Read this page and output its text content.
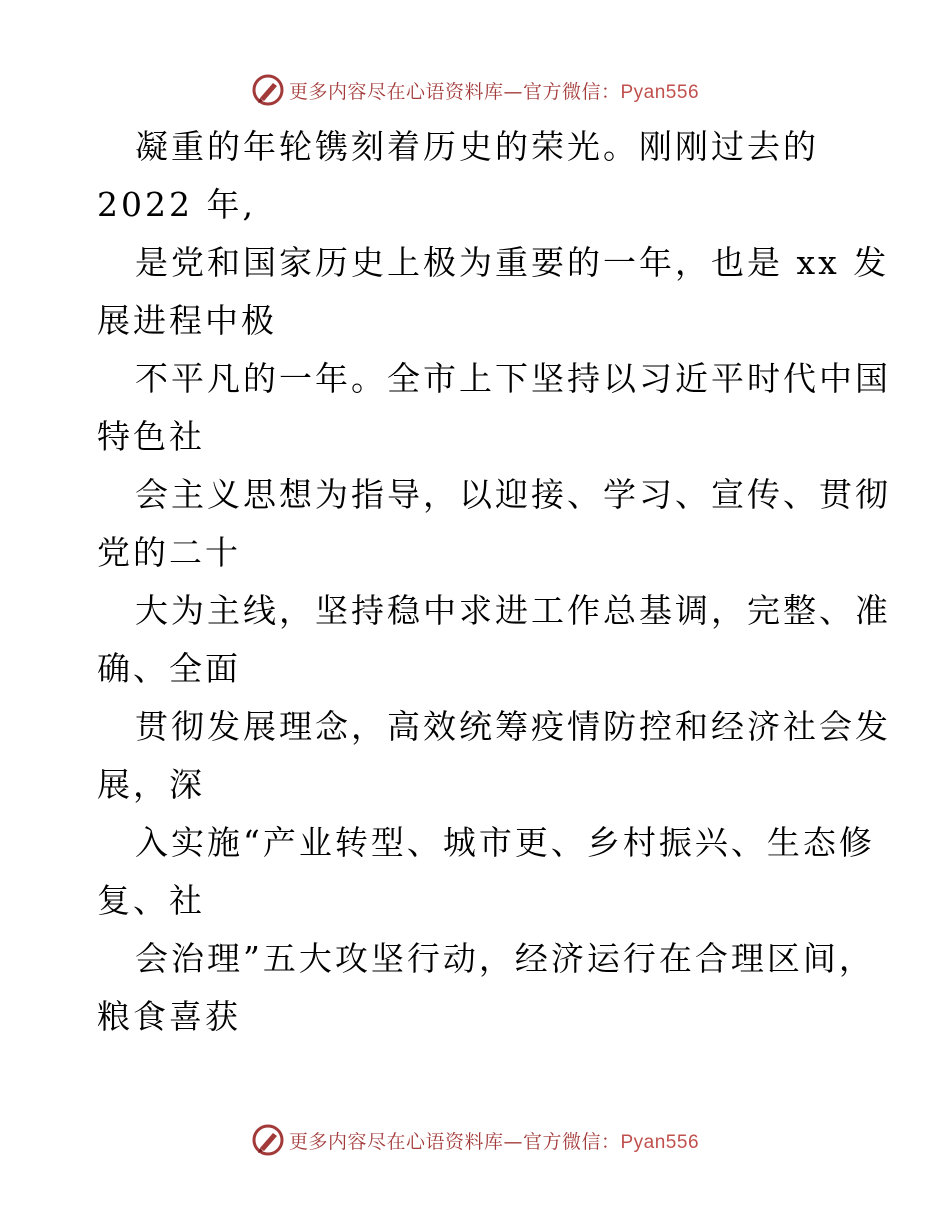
更多内容尽在心语资料库—官方微信：Pyan556
凝重的年轮镌刻着历史的荣光。刚刚过去的
2022 年,
是党和国家历史上极为重要的一年，也是 xx 发
展进程中极
不平凡的一年。全市上下坚持以习近平时代中国
特色社
会主义思想为指导，以迎接、学习、宣传、贯彻
党的二十
大为主线，坚持稳中求进工作总基调，完整、准
确、全面
贯彻发展理念，高效统筹疫情防控和经济社会发
展，深
入实施“产业转型、城市更、乡村振兴、生态修
复、社
会治理”五大攻坚行动，经济运行在合理区间，
粮食喜获
更多内容尽在心语资料库—官方微信：Pyan556
